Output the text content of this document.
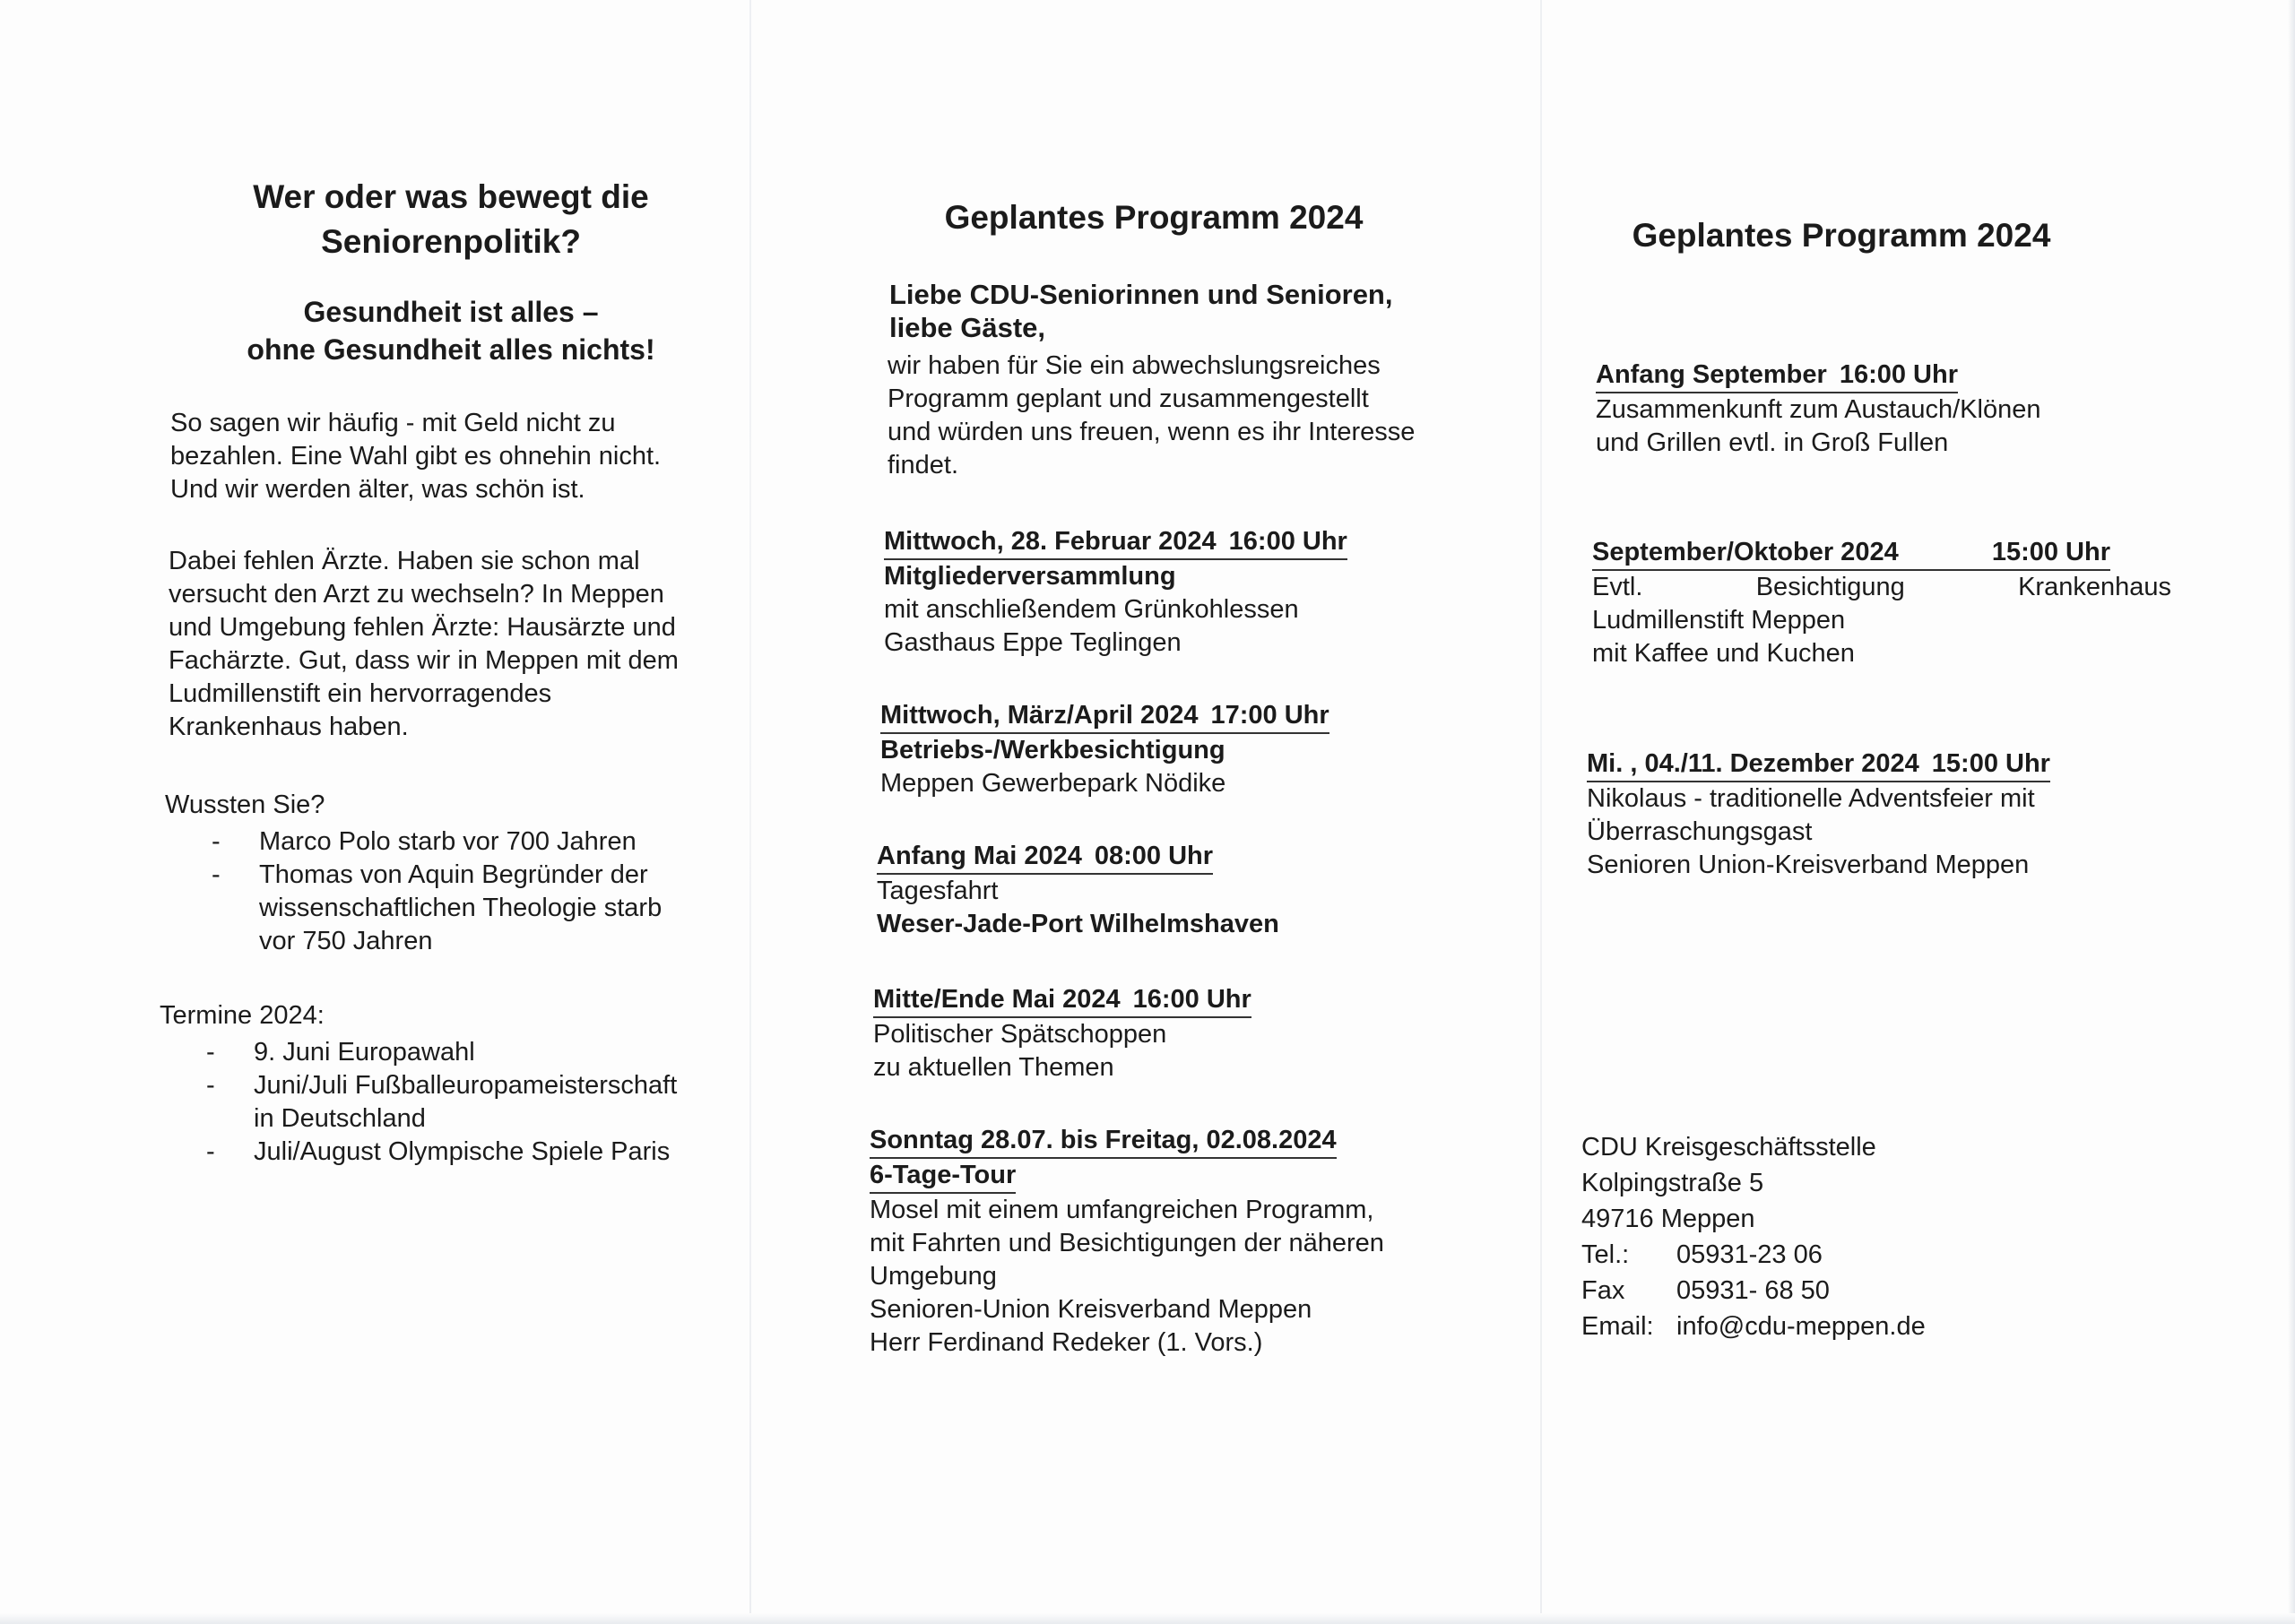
Wer oder was bewegt die
Seniorenpolitik?
Gesundheit ist alles –
ohne Gesundheit alles nichts!
So sagen wir häufig - mit Geld nicht zu
bezahlen. Eine Wahl gibt es ohnehin nicht.
Und wir werden älter, was schön ist.
Dabei fehlen Ärzte. Haben sie schon mal
versucht den Arzt zu wechseln? In Meppen
und Umgebung fehlen Ärzte: Hausärzte und
Fachärzte. Gut, dass wir in Meppen mit dem
Ludmillenstift ein hervorragendes
Krankenhaus haben.
Wussten Sie?
- Marco Polo starb vor 700 Jahren
- Thomas von Aquin Begründer der
wissenschaftlichen Theologie starb
vor 750 Jahren
Termine 2024:
- 9. Juni Europawahl
- Juni/Juli Fußballeuropameisterschaft
in Deutschland
- Juli/August Olympische Spiele Paris
Geplantes Programm 2024
Liebe CDU-Seniorinnen und Senioren,
liebe Gäste,
wir haben für Sie ein abwechslungsreiches
Programm geplant und zusammengestellt
und würden uns freuen, wenn es ihr Interesse
findet.
Mittwoch, 28. Februar 2024 16:00 Uhr
Mitgliederversammlung
mit anschließendem Grünkohlessen
Gasthaus Eppe Teglingen
Mittwoch, März/April 2024 17:00 Uhr
Betriebs-/Werkbesichtigung
Meppen Gewerbepark Nödike
Anfang Mai 2024 08:00 Uhr
Tagesfahrt
Weser-Jade-Port Wilhelmshaven
Mitte/Ende Mai 2024 16:00 Uhr
Politischer Spätschoppen
zu aktuellen Themen
Sonntag 28.07. bis Freitag, 02.08.2024
6-Tage-Tour
Mosel mit einem umfangreichen Programm,
mit Fahrten und Besichtigungen der näheren
Umgebung
Senioren-Union Kreisverband Meppen
Herr Ferdinand Redeker (1. Vors.)
Geplantes Programm 2024
Anfang September 16:00 Uhr
Zusammenkunft zum Austauch/Klönen
und Grillen evtl. in Groß Fullen
September/Oktober 2024	15:00 Uhr
Evtl.	Besichtigung	Krankenhaus
Ludmillenstift Meppen
mit Kaffee und Kuchen
Mi. , 04./11. Dezember 2024 15:00 Uhr
Nikolaus - traditionelle Adventsfeier mit
Überraschungsgast
Senioren Union-Kreisverband Meppen
CDU Kreisgeschäftsstelle
Kolpingstraße 5
49716 Meppen
Tel.:	05931-23 06
Fax	05931- 68 50
Email: info@cdu-meppen.de
